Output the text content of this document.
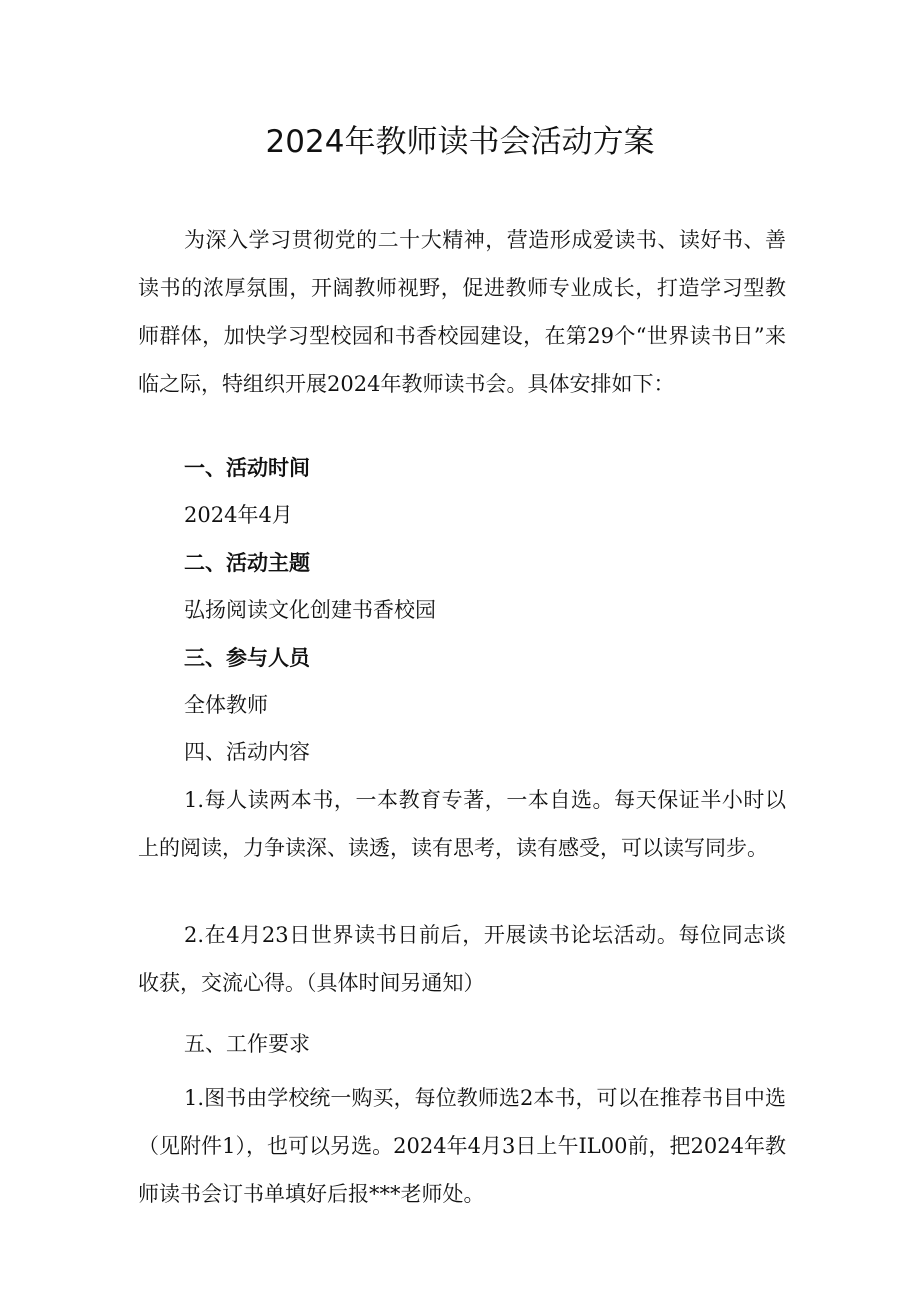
2024年教师读书会活动方案

为深入学习贯彻党的二十大精神，营造形成爱读书、读好书、善读书的浓厚氛围，开阔教师视野，促进教师专业成长，打造学习型教师群体，加快学习型校园和书香校园建设，在第29个“世界读书日”来临之际，特组织开展2024年教师读书会。具体安排如下：

一、活动时间
2024年4月
二、活动主题
弘扬阅读文化创建书香校园
三、参与人员
全体教师
四、活动内容

1.每人读两本书，一本教育专著，一本自选。每天保证半小时以上的阅读，力争读深、读透，读有思考，读有感受，可以读写同步。

2.在4月23日世界读书日前后，开展读书论坛活动。每位同志谈收获，交流心得。（具体时间另通知）

五、工作要求

1.图书由学校统一购买，每位教师选2本书，可以在推荐书目中选（见附件1），也可以另选。2024年4月3日上午IL00前，把2024年教师读书会订书单填好后报***老师处。
